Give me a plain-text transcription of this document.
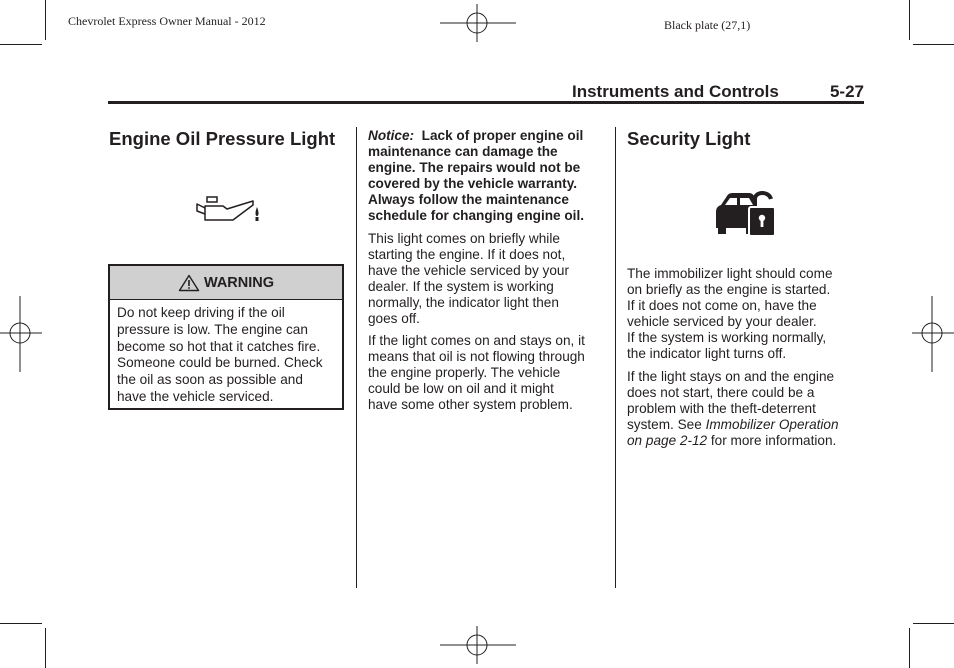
Chevrolet Express Owner Manual - 2012	Black plate (27,1)
Instruments and Controls	5-27
Engine Oil Pressure Light
WARNING
Do not keep driving if the oil
pressure is low. The engine can
become so hot that it catches fire.
Someone could be burned. Check
the oil as soon as possible and
have the vehicle serviced.
Notice: Lack of proper engine oil
maintenance can damage the
engine. The repairs would not be
covered by the vehicle warranty.
Always follow the maintenance
schedule for changing engine oil.
This light comes on briefly while
starting the engine. If it does not,
have the vehicle serviced by your
dealer. If the system is working
normally, the indicator light then
goes off.
If the light comes on and stays on, it
means that oil is not flowing through
the engine properly. The vehicle
could be low on oil and it might
have some other system problem.
Security Light
The immobilizer light should come
on briefly as the engine is started.
If it does not come on, have the
vehicle serviced by your dealer.
If the system is working normally,
the indicator light turns off.
If the light stays on and the engine
does not start, there could be a
problem with the theft-deterrent
system. See Immobilizer Operation
on page 2-12 for more information.
